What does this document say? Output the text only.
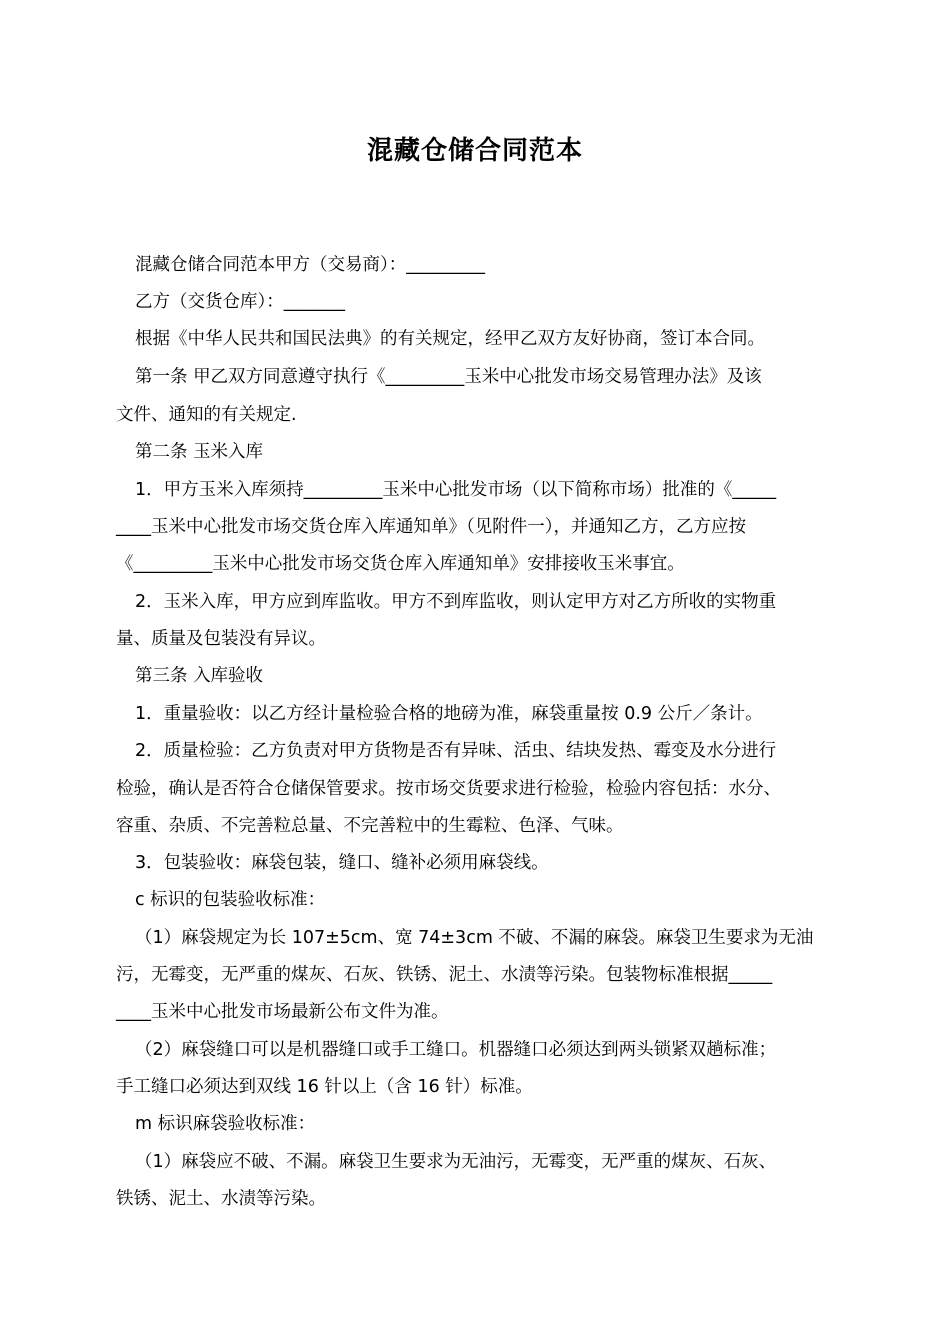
混藏仓储合同范本
混藏仓储合同范本甲方（交易商）：_________
乙方（交货仓库）：_______
根据《中华人民共和国民法典》的有关规定，经甲乙双方友好协商，签订本合同。
第一条 甲乙双方同意遵守执行《_________玉米中心批发市场交易管理办法》及该
文件、通知的有关规定.
第二条 玉米入库
1．甲方玉米入库须持_________玉米中心批发市场（以下简称市场）批准的《_____
____玉米中心批发市场交货仓库入库通知单》（见附件一），并通知乙方，乙方应按
《_________玉米中心批发市场交货仓库入库通知单》安排接收玉米事宜。
2．玉米入库，甲方应到库监收。甲方不到库监收，则认定甲方对乙方所收的实物重
量、质量及包装没有异议。
第三条 入库验收
1．重量验收：以乙方经计量检验合格的地磅为准，麻袋重量按 0.9 公斤／条计。
2．质量检验：乙方负责对甲方货物是否有异味、活虫、结块发热、霉变及水分进行
检验，确认是否符合仓储保管要求。按市场交货要求进行检验，检验内容包括：水分、
容重、杂质、不完善粒总量、不完善粒中的生霉粒、色泽、气味。
3．包装验收：麻袋包装，缝口、缝补必须用麻袋线。
c 标识的包装验收标准：
（1）麻袋规定为长 107±5cm、宽 74±3cm 不破、不漏的麻袋。麻袋卫生要求为无油
污，无霉变，无严重的煤灰、石灰、铁锈、泥土、水渍等污染。包装物标准根据_____
____玉米中心批发市场最新公布文件为准。
（2）麻袋缝口可以是机器缝口或手工缝口。机器缝口必须达到两头锁紧双趟标准；
手工缝口必须达到双线 16 针以上（含 16 针）标准。
m 标识麻袋验收标准：
（1）麻袋应不破、不漏。麻袋卫生要求为无油污，无霉变，无严重的煤灰、石灰、
铁锈、泥土、水渍等污染。
